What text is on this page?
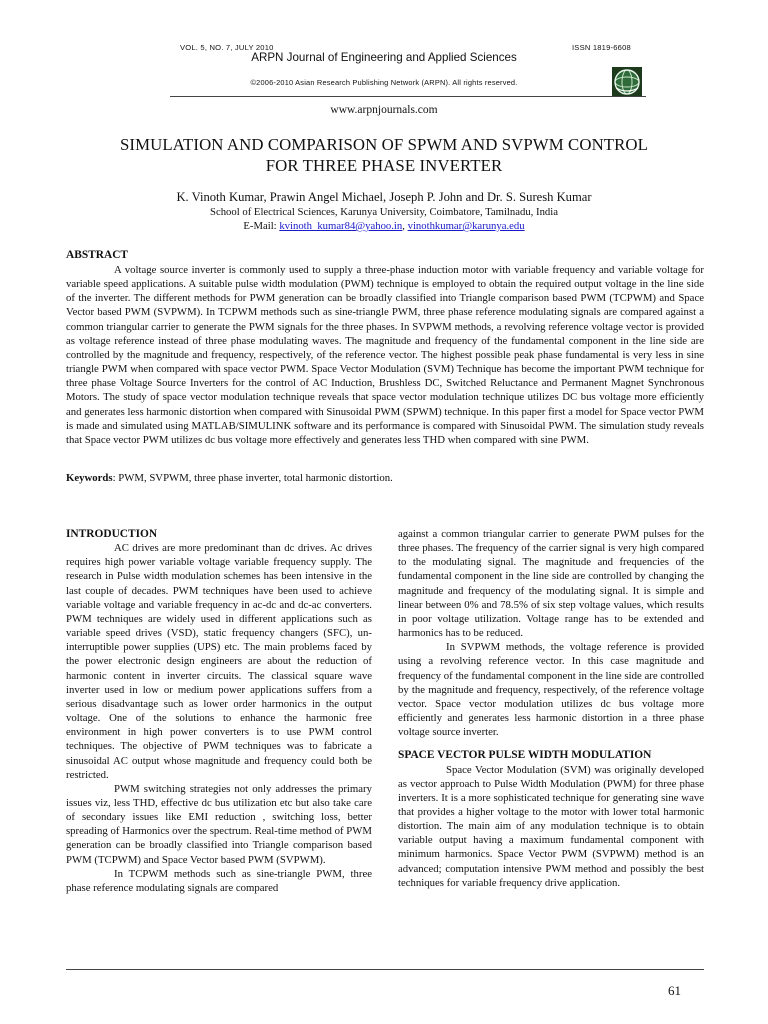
VOL. 5, NO. 7, JULY 2010	ISSN 1819-6608
ARPN Journal of Engineering and Applied Sciences
©2006-2010 Asian Research Publishing Network (ARPN). All rights reserved.
www.arpnjournals.com
SIMULATION AND COMPARISON OF SPWM AND SVPWM CONTROL
FOR THREE PHASE INVERTER
K. Vinoth Kumar, Prawin Angel Michael, Joseph P. John and Dr. S. Suresh Kumar
School of Electrical Sciences, Karunya University, Coimbatore, Tamilnadu, India
E-Mail: kvinoth_kumar84@yahoo.in, vinothkumar@karunya.edu
ABSTRACT

A voltage source inverter is commonly used to supply a three-phase induction motor with variable frequency and variable voltage for variable speed applications. A suitable pulse width modulation (PWM) technique is employed to obtain the required output voltage in the line side of the inverter. The different methods for PWM generation can be broadly classified into Triangle comparison based PWM (TCPWM) and Space Vector based PWM (SVPWM). In TCPWM methods such as sine-triangle PWM, three phase reference modulating signals are compared against a common triangular carrier to generate the PWM signals for the three phases. In SVPWM methods, a revolving reference voltage vector is provided as voltage reference instead of three phase modulating waves. The magnitude and frequency of the fundamental component in the line side are controlled by the magnitude and frequency, respectively, of the reference vector. The highest possible peak phase fundamental is very less in sine triangle PWM when compared with space vector PWM. Space Vector Modulation (SVM) Technique has become the important PWM technique for three phase Voltage Source Inverters for the control of AC Induction, Brushless DC, Switched Reluctance and Permanent Magnet Synchronous Motors. The study of space vector modulation technique reveals that space vector modulation technique utilizes DC bus voltage more efficiently and generates less harmonic distortion when compared with Sinusoidal PWM (SPWM) technique. In this paper first a model for Space vector PWM is made and simulated using MATLAB/SIMULINK software and its performance is compared with Sinusoidal PWM. The simulation study reveals that Space vector PWM utilizes dc bus voltage more effectively and generates less THD when compared with sine PWM.

Keywords: PWM, SVPWM, three phase inverter, total harmonic distortion.
INTRODUCTION

AC drives are more predominant than dc drives. Ac drives requires high power variable voltage variable frequency supply. The research in Pulse width modulation schemes has been intensive in the last couple of decades. PWM techniques have been used to achieve variable voltage and variable frequency in ac-dc and dc-ac converters. PWM techniques are widely used in different applications such as variable speed drives (VSD), static frequency changers (SFC), un-interruptible power supplies (UPS) etc. The main problems faced by the power electronic design engineers are about the reduction of harmonic content in inverter circuits. The classical square wave inverter used in low or medium power applications suffers from a serious disadvantage such as lower order harmonics in the output voltage. One of the solutions to enhance the harmonic free environment in high power converters is to use PWM control techniques. The objective of PWM techniques was to fabricate a sinusoidal AC output whose magnitude and frequency could both be restricted.

PWM switching strategies not only addresses the primary issues viz, less THD, effective dc bus utilization etc but also take care of secondary issues like EMI reduction , switching loss, better spreading of Harmonics over the spectrum. Real-time method of PWM generation can be broadly classified into Triangle comparison based PWM (TCPWM) and Space Vector based PWM (SVPWM).

In TCPWM methods such as sine-triangle PWM, three phase reference modulating signals are compared

against a common triangular carrier to generate PWM pulses for the three phases. The frequency of the carrier signal is very high compared to the modulating signal. The magnitude and frequencies of the fundamental component in the line side are controlled by changing the magnitude and frequency of the modulating signal. It is simple and linear between 0% and 78.5% of six step voltage values, which results in poor voltage utilization. Voltage range has to be extended and harmonics has to be reduced.

In SVPWM methods, the voltage reference is provided using a revolving reference vector. In this case magnitude and frequency of the fundamental component in the line side are controlled by the magnitude and frequency, respectively, of the reference voltage vector. Space vector modulation utilizes dc bus voltage more efficiently and generates less harmonic distortion in a three phase voltage source inverter.

SPACE VECTOR PULSE WIDTH MODULATION

Space Vector Modulation (SVM) was originally developed as vector approach to Pulse Width Modulation (PWM) for three phase inverters. It is a more sophisticated technique for generating sine wave that provides a higher voltage to the motor with lower total harmonic distortion. The main aim of any modulation technique is to obtain variable output having a maximum fundamental component with minimum harmonics. Space Vector PWM (SVPWM) method is an advanced; computation intensive PWM method and possibly the best techniques for variable frequency drive application.

61
